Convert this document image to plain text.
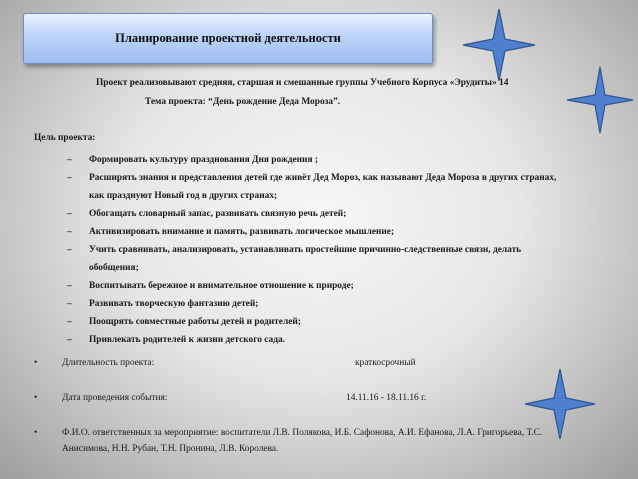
Планирование проектной деятельности
Проект реализовывают средняя, старшая и смешанные группы Учебного Корпуса «Эрудиты» 14
Тема проекта: “День рождение Деда Мороза”.
Цель проекта:
– Формировать культуру празднования Дня рождения ;
– Расширять знания и представления детей где живёт Дед Мороз, как называют Деда Мороза в других странах,
как празднуют Новый год в других странах;
– Обогащать словарный запас, развивать связную речь детей;
– Активизировать внимание и память, развивать логическое мышление;
– Учить сравнивать, анализировать, устанавливать простейшие причинно-следственные связи, делать
обобщения;
– Воспитывать бережное и внимательное отношение к природе;
– Развивать творческую фантазию детей;
– Поощрять совместные работы детей и родителей;
– Привлекать родителей к жизни детского сада.
•	Длительность проекта:	краткосрочный
•	Дата проведения события:	14.11.16 - 18.11.16 г.
•	Ф.И.О. ответственных за мероприятие: воспитатели Л.В. Полякова, И.Б. Сафонова, А.И. Ефанова, Л.А. Григорьева, Т.С.
Анисимова, Н.Н. Рубан, Т.Н. Пронина, Л.В. Королева.
